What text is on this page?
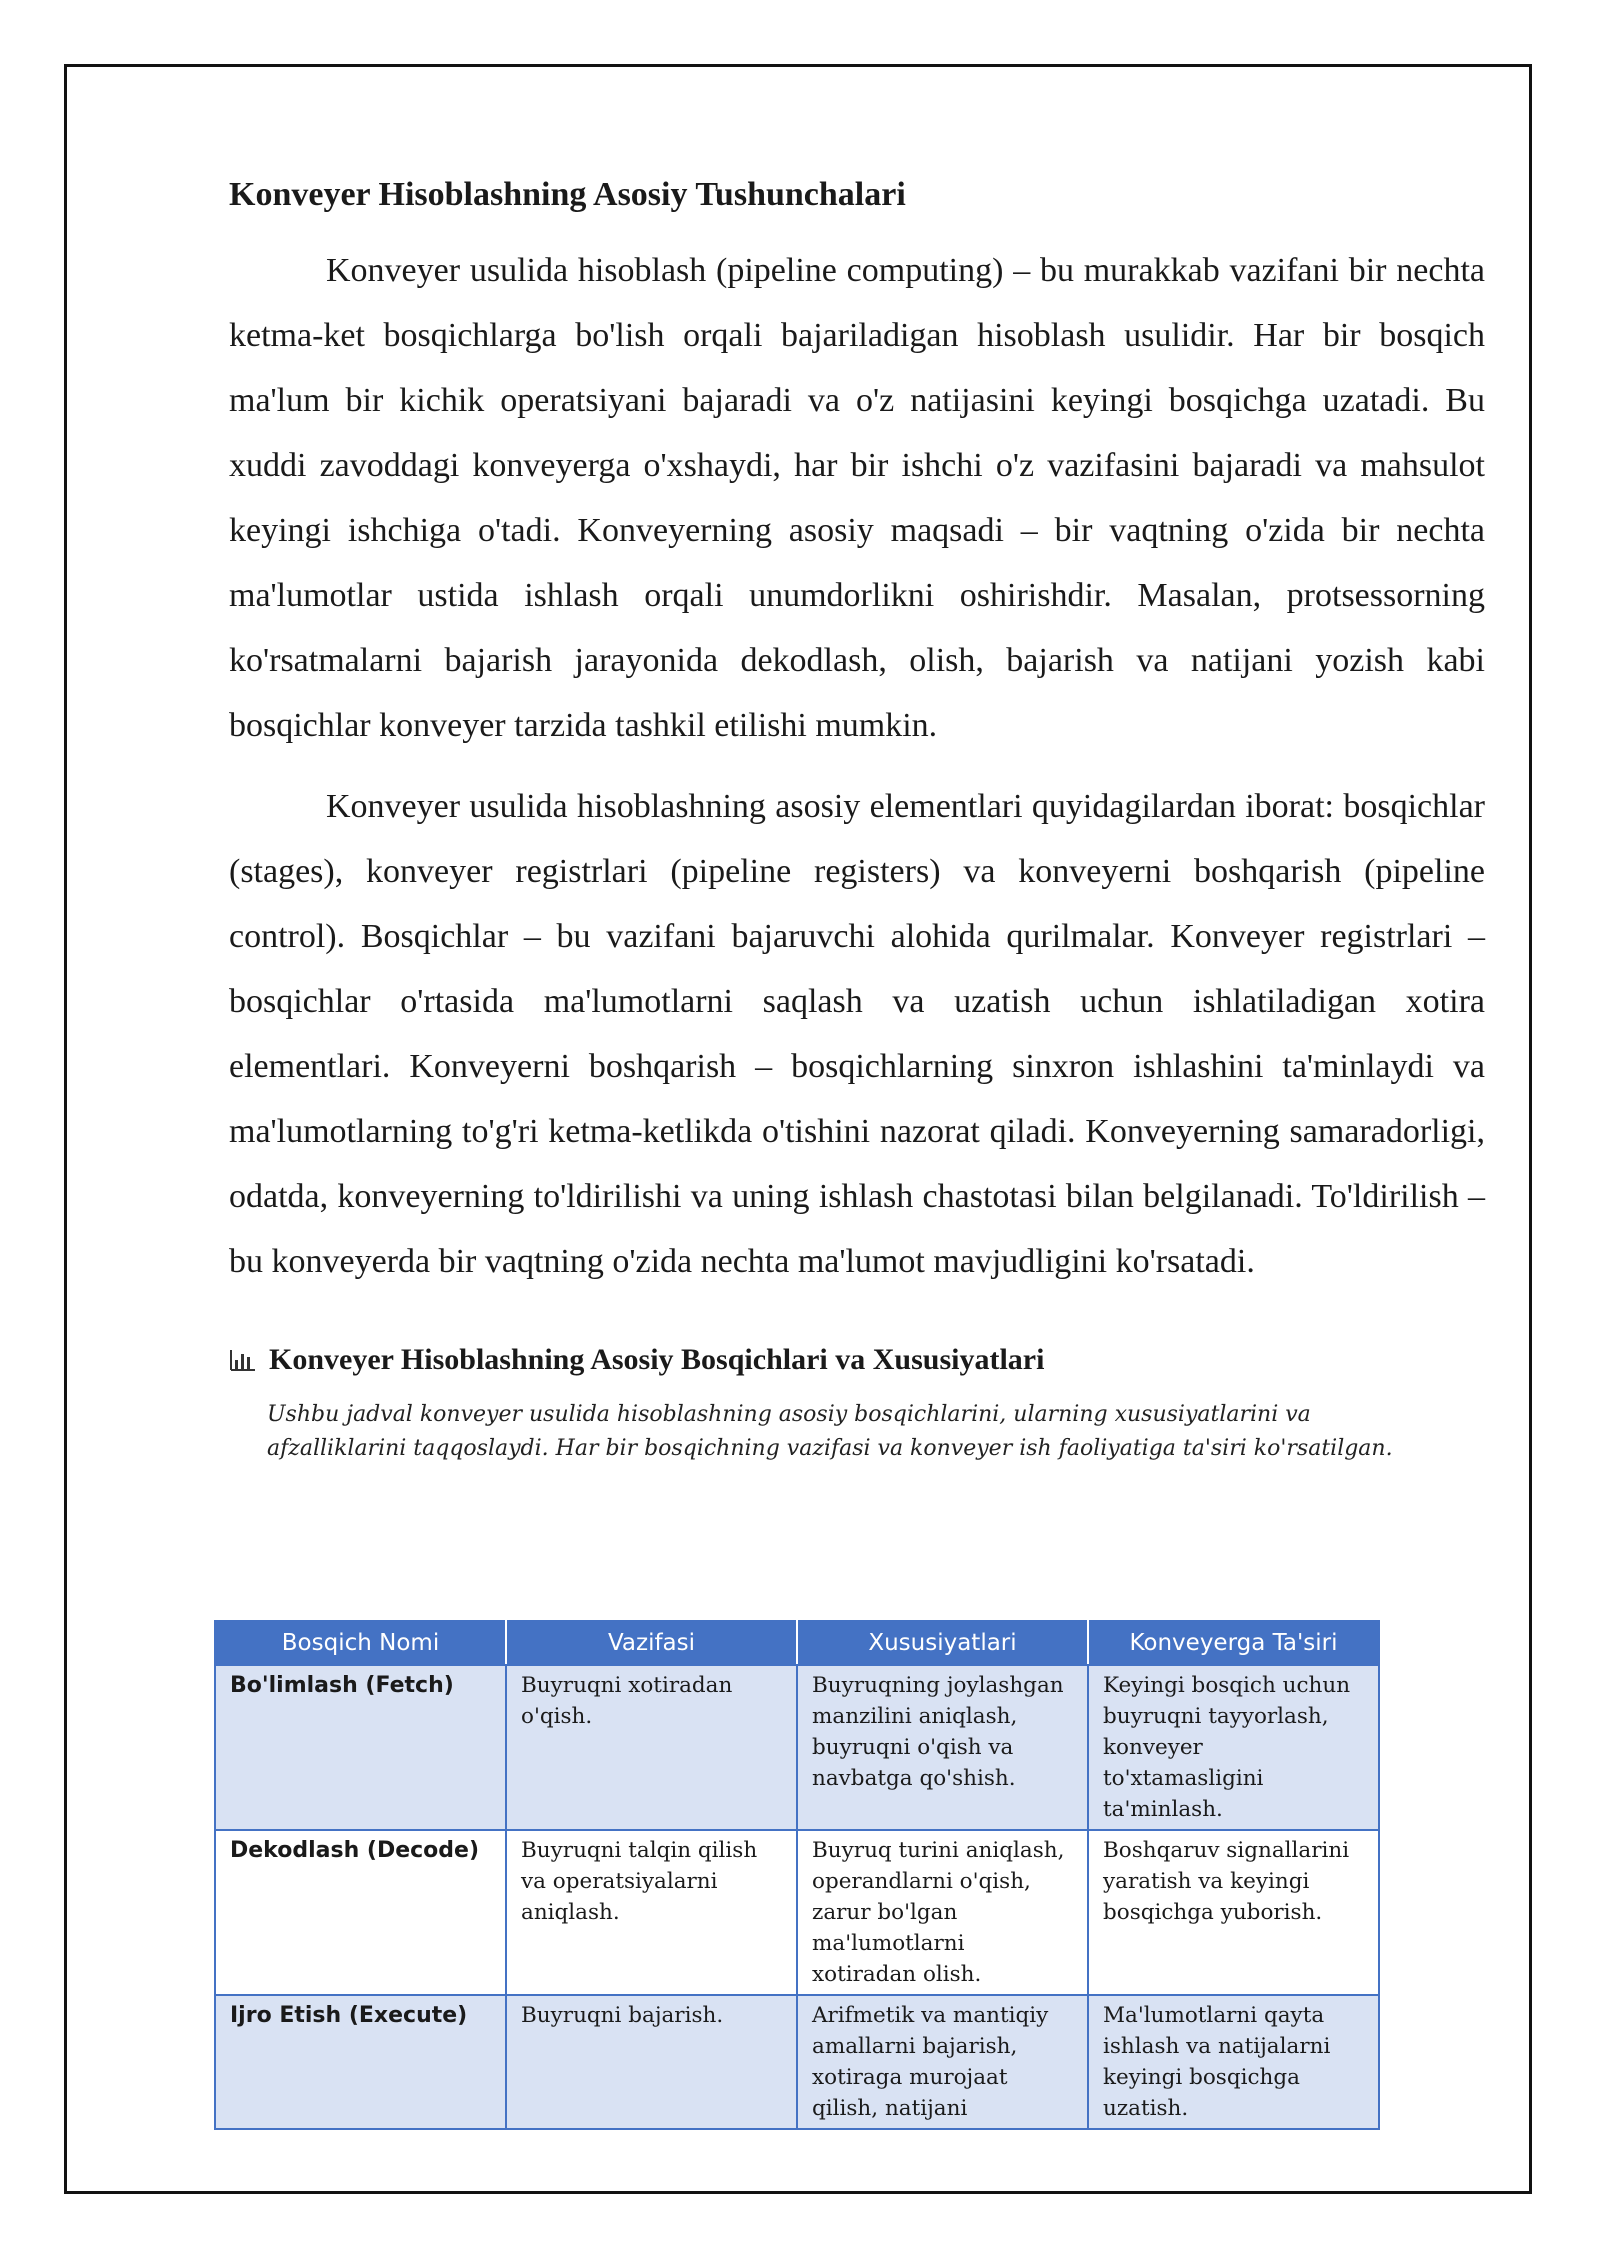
Konveyer Hisoblashning Asosiy Tushunchalari

Konveyer usulida hisoblash (pipeline computing) – bu murakkab vazifani bir nechta ketma-ket bosqichlarga bo'lish orqali bajariladigan hisoblash usulidir. Har bir bosqich ma'lum bir kichik operatsiyani bajaradi va o'z natijasini keyingi bosqichga uzatadi. Bu xuddi zavoddagi konveyerga o'xshaydi, har bir ishchi o'z vazifasini bajaradi va mahsulot keyingi ishchiga o'tadi. Konveyerning asosiy maqsadi – bir vaqtning o'zida bir nechta ma'lumotlar ustida ishlash orqali unumdorlikni oshirishdir. Masalan, protsessorning ko'rsatmalarni bajarish jarayonida dekodlash, olish, bajarish va natijani yozish kabi bosqichlar konveyer tarzida tashkil etilishi mumkin.

Konveyer usulida hisoblashning asosiy elementlari quyidagilardan iborat: bosqichlar (stages), konveyer registrlari (pipeline registers) va konveyerni boshqarish (pipeline control). Bosqichlar – bu vazifani bajaruvchi alohida qurilmalar. Konveyer registrlari – bosqichlar o'rtasida ma'lumotlarni saqlash va uzatish uchun ishlatiladigan xotira elementlari. Konveyerni boshqarish – bosqichlarning sinxron ishlashini ta'minlaydi va ma'lumotlarning to'g'ri ketma-ketlikda o'tishini nazorat qiladi. Konveyerning samaradorligi, odatda, konveyerning to'ldirilishi va uning ishlash chastotasi bilan belgilanadi. To'ldirilish – bu konveyerda bir vaqtning o'zida nechta ma'lumot mavjudligini ko'rsatadi.

Konveyer Hisoblashning Asosiy Bosqichlari va Xususiyatlari
Ushbu jadval konveyer usulida hisoblashning asosiy bosqichlarini, ularning xususiyatlarini va afzalliklarini taqqoslaydi. Har bir bosqichning vazifasi va konveyer ish faoliyatiga ta'siri ko'rsatilgan.
Bosqich Nomi	Vazifasi	Xususiyatlari	Konveyerga Ta'siri
Bo'limlash (Fetch)	Buyruqni xotiradan o'qish.	Buyruqning joylashgan manzilini aniqlash, buyruqni o'qish va navbatga qo'shish.	Keyingi bosqich uchun buyruqni tayyorlash, konveyer to'xtamasligini ta'minlash.
Dekodlash (Decode)	Buyruqni talqin qilish va operatsiyalarni aniqlash.	Buyruq turini aniqlash, operandlarni o'qish, zarur bo'lgan ma'lumotlarni xotiradan olish.	Boshqaruv signallarini yaratish va keyingi bosqichga yuborish.
Ijro Etish (Execute)	Buyruqni bajarish.	Arifmetik va mantiqiy amallarni bajarish, xotiraga murojaat qilish, natijani	Ma'lumotlarni qayta ishlash va natijalarni keyingi bosqichga uzatish.
